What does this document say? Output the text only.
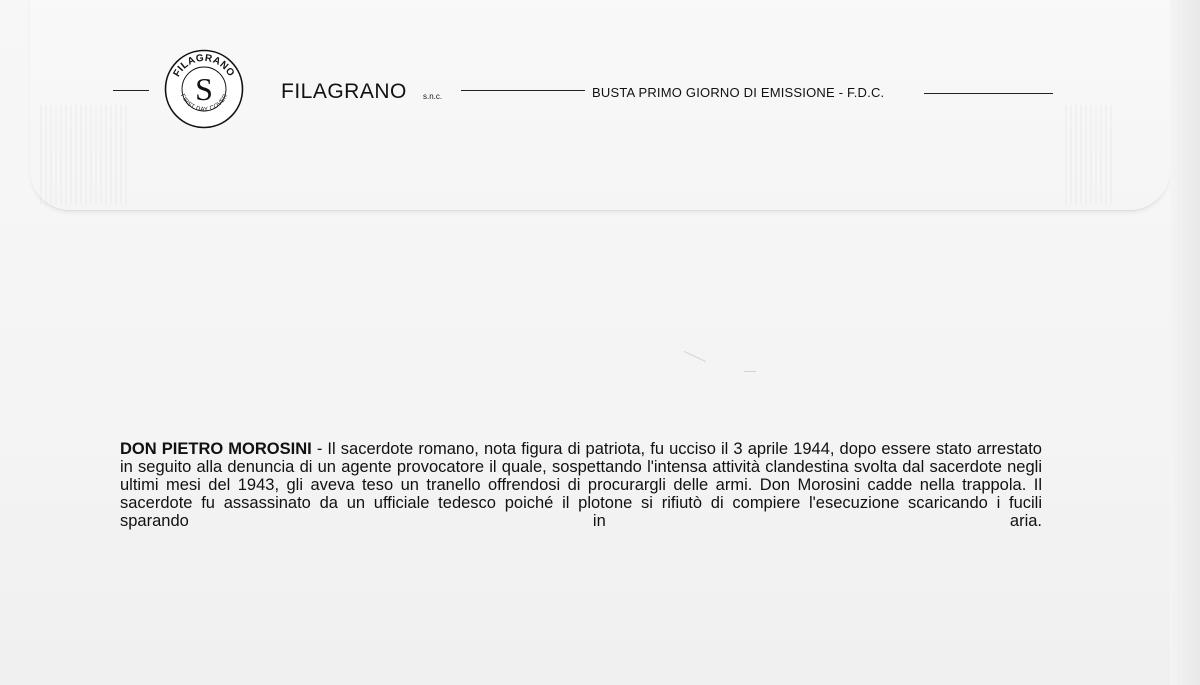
FILAGRANO
FIRST DAY COVER
S	FILAGRANO s.n.c.	BUSTA PRIMO GIORNO DI EMISSIONE - F.D.C.
DON PIETRO MOROSINI - Il sacerdote romano, nota figura di patriota, fu ucciso il 3 aprile 1944, dopo essere stato arrestato in seguito alla denuncia di un agente provocatore il quale, sospettando l'intensa attività clandestina svolta dal sacerdote negli ultimi mesi del 1943, gli aveva teso un tranello offrendosi di procurargli delle armi. Don Morosini cadde nella trappola. Il sacerdote fu assassinato da un ufficiale tedesco poiché il plotone si rifiutò di compiere l'esecuzione scaricando i fucili sparando in aria.
